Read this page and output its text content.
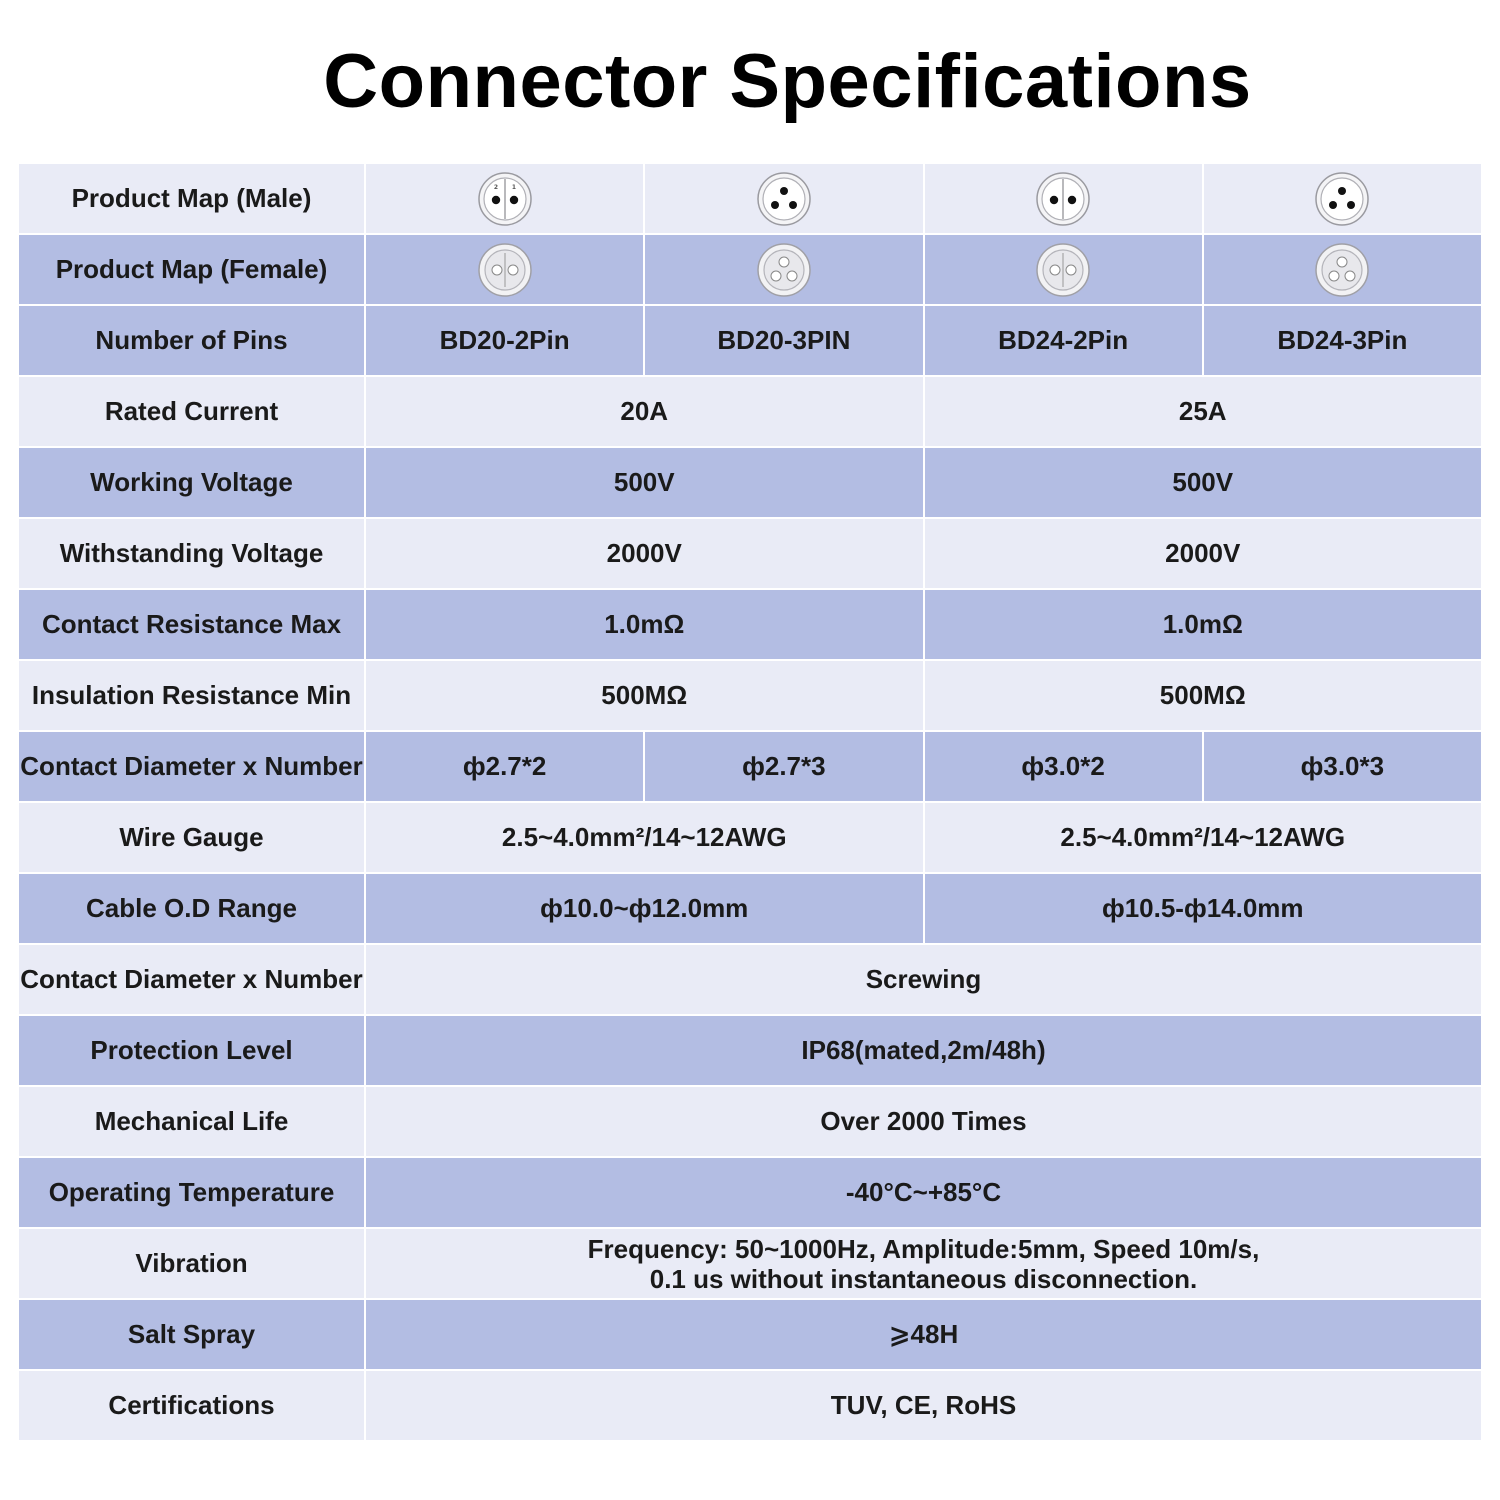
Connector Specifications
Product Map (Male)	2 1

Product Map (Female)				
Number of Pins	BD20-2Pin	BD20-3PIN	BD24-2Pin	BD24-3Pin
Rated Current	20A		25A	
Working Voltage	500V		500V	
Withstanding Voltage	2000V		2000V	
Contact Resistance Max	1.0mΩ		1.0mΩ	
Insulation Resistance Min	500MΩ		500MΩ	
Contact Diameter x Number	ф2.7*2	ф2.7*3	ф3.0*2	ф3.0*3
Wire Gauge	2.5~4.0mm²/14~12AWG		2.5~4.0mm²/14~12AWG	
Cable O.D Range	ф10.0~ф12.0mm		ф10.5-ф14.0mm	
Contact Diameter x Number	Screwing			
Protection Level	IP68(mated,2m/48h)			
Mechanical Life	Over 2000 Times			
Operating Temperature	-40°C~+85°C			
Vibration	Frequency: 50~1000Hz, Amplitude:5mm, Speed 10m/s,
0.1 us without instantaneous disconnection.			

Salt Spray	⩾48H			
Certifications	TUV, CE, RoHS			
